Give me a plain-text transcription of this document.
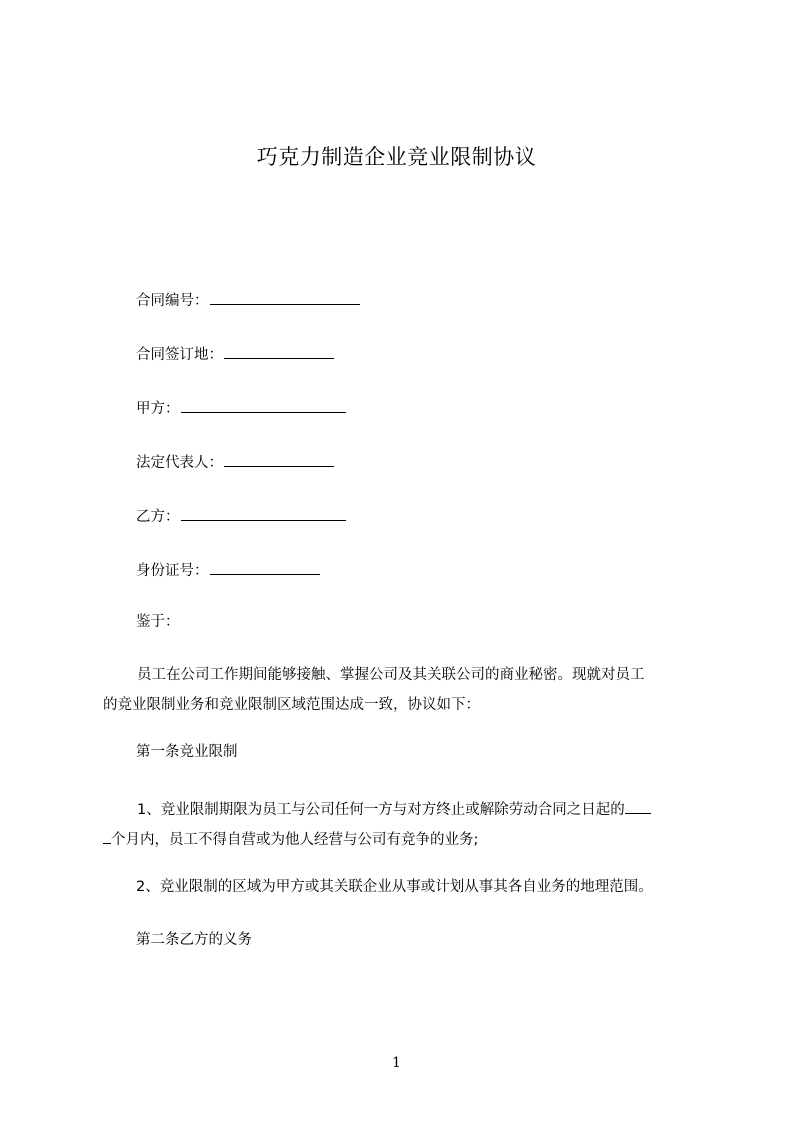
巧克力制造企业竞业限制协议
合同编号：
合同签订地：
甲方：
法定代表人：
乙方：
身份证号：
鉴于：
员工在公司工作期间能够接触、掌握公司及其关联公司的商业秘密。现就对员工
的竞业限制业务和竞业限制区域范围达成一致，协议如下：
第一条竞业限制
1、竞业限制期限为员工与公司任何一方与对方终止或解除劳动合同之日起的
个月内，员工不得自营或为他人经营与公司有竞争的业务;
2、竞业限制的区域为甲方或其关联企业从事或计划从事其各自业务的地理范围。
第二条乙方的义务
1
